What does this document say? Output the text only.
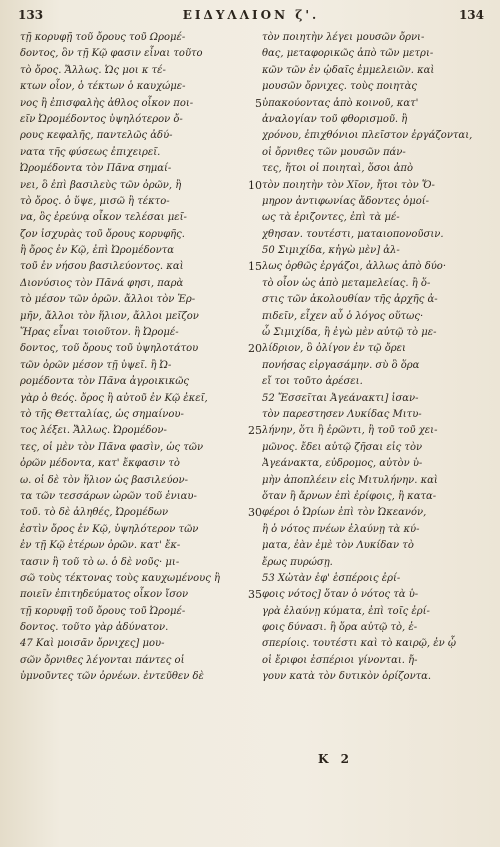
133	ΕΙΔΥΛΛΙΟΝ ζ'.	134
τῇ κορυφῇ τοῦ ὄρους τοῦ Ωρομέ-
δοντος, ὃν τῇ Κῷ φασιν εἶναι τοῦτο
τὸ ὄρος. Ἄλλως. Ὡς μοι κ τέ-
κτων οἷον, ὁ τέκτων ὁ καυχώμε-
νος ἢ ἐπισφαλὴς ἀθλος οἶκον ποι-
εῖν Ὠρομέδοντος ὑψηλότερον ὄ-
ρους κεφαλῆς, παντελῶς ἀδύ-
νατα τῆς φύσεως ἐπιχειρεῖ.
Ὠρομέδοντα τὸν Πᾶνα σημαί-
νει, ὃ ἐπὶ βασιλεὺς τῶν ὀρῶν, ἢ
τὸ ὄρος. ὁ ὕψε, μισῶ ἢ τέκτο-
να, ὃς ἐρεύνᾳ οἶκον τελέσαι μεῖ-
ζον ἰσχυρὰς τοῦ ὄρους κορυφῆς.
ἢ ὄρος ἐν Κῷ, ἐπὶ Ὠρομέδοντα
τοῦ ἐν νήσου βασιλεύοντος. καὶ
Διονύσιος τὸν Πᾶνά φησι, παρὰ
τὸ μέσον τῶν ὀρῶν. ἄλλοι τὸν Ἑρ-
μῆν, ἄλλοι τὸν ἥλιον, ἄλλοι μεῖζον
Ἥρας εἶναι τοιοῦτον. ἢ Ὠρομέ-
δοντος, τοῦ ὄρους τοῦ ὑψηλοτάτου
τῶν ὀρῶν μέσον τῇ ὑψεῖ. ἢ Ὠ-
ρομέδοντα τὸν Πᾶνα ἀγροικικῶς
γὰρ ὁ θεός. ὄρος ἢ αὐτοῦ ἐν Κῷ ἐκεῖ,
τὸ τῆς Θετταλίας, ὡς σημαίνου-
τος λέξει. Ἄλλως. Ὠρομέδον-
τες, οἱ μὲν τὸν Πᾶνα φασὶν, ὡς τῶν
ὀρῶν μέδοντα, κατ' ἔκφασιν τὸ
ω. οἱ δὲ τὸν ἥλιον ὡς βασιλεύον-
τα τῶν τεσσάρων ὡρῶν τοῦ ἐνιαυ-
τοῦ. τὸ δὲ ἀληθές, Ὠρομέδων
ἐστὶν ὄρος ἐν Κῷ, ὑψηλότερον τῶν
ἐν τῇ Κῷ ἑτέρων ὀρῶν. κατ' ἔκ-
τασιν ἢ τοῦ τὸ ω. ὁ δὲ νοῦς· μι-
σῶ τοὺς τέκτονας τοὺς καυχωμένους ἢ
ποιεῖν ἐπιτηδεύματος οἶκον ἴσον
τῇ κορυφῇ τοῦ ὄρους τοῦ Ὠρομέ-
δοντος. τοῦτο γὰρ ἀδύνατον.
47 Καὶ μοισᾶν ὄρνιχες] μου-
σῶν ὄρνιθες λέγονται πάντες οἱ
ὑμνοῦντες τῶν ὀρνέων. ἐντεῦθεν δὲ
5
10
15
20
25
30
35
τὸν ποιητὴν λέγει μουσῶν ὄρνι-
θας, μεταφορικῶς ἀπὸ τῶν μετρι-
κῶν τῶν ἐν ᾠδαῖς ἐμμελειῶν. καὶ
μουσῶν ὄρνιχες. τοὺς ποιητὰς
ὑπακούοντας ἀπὸ κοινοῦ, κατ'
ἀναλογίαν τοῦ φθορισμοῦ. ἢ
χρόνου, ἐπιχθόνιοι πλεῖστον ἐργάζονται,
οἱ ὄρνιθες τῶν μουσῶν πάν-
τες, ἤτοι οἱ ποιηταὶ, ὅσοι ἀπὸ
τὸν ποιητὴν τὸν Χῖον, ἤτοι τὸν Ὅ-
μηρον ἀντιφωνίας ἄδοντες ὁμοί-
ως τὰ ἐριζοντες, ἐπὶ τὰ μέ-
χθησαν. τουτέστι, ματαιοπονοῦσιν.
50 Σιμιχίδα, κἠγὼ μὲν] ἀλ-
λως ὀρθῶς ἐργάζοι, ἀλλως ἀπὸ δύο·
τὸ οἶον ὡς ἀπὸ μεταμελείας. ἢ ὅ-
στις τῶν ἀκολουθίαν τῆς ἀρχῆς ἀ-
πιδεῖν, εἶχεν αὖ ὁ λόγος οὕτως·
ὦ Σιμιχίδα, ἢ ἐγὼ μὲν αὐτῷ τὸ με-
λίδριον, ὃ ὀλίγον ἐν τῷ ὄρει
πονήσας εἰργασάμην. σὺ ὃ ὅρα
εἴ τοι τοῦτο ἀρέσει.
52 Ἔσσεῖται Ἀγεάνακτι] ἰσαν-
τὸν παρεστησεν Λυκίδας Μιτυ-
λήνην, ὅτι ἢ ἐρῶντι, ἢ τοῦ τοῦ χει-
μῶνος. ἔδει αὐτῷ ζῆσαι εἰς τὸν
Ἀγεάνακτα, εὐδρομος, αὐτὸν ὑ-
μὴν ἀποπλέειν εἰς Μιτυλήνην. καὶ
ὅταν ἢ ἄρνων ἐπὶ ἐρίφοις, ἢ κατα-
φέροι ὁ Ὠρίων ἐπὶ τὸν Ὠκεανόν,
ἢ ὁ νότος πνέων ἐλαύνῃ τὰ κύ-
ματα, ἐὰν ἐμὲ τὸν Λυκίδαν τὸ
ἔρως πυρώσῃ.
53 Χὠτὰν ἐφ' ἑσπέροις ἐρί-
φοις νότος] ὅταν ὁ νότος τὰ ὑ-
γρὰ ἐλαύνῃ κύματα, ἐπὶ τοῖς ἐρί-
φοις δύνασι. ἢ ὅρα αὐτῷ τὸ, ἑ-
σπερίοις. τουτέστι καὶ τὸ καιρῷ, ἐν ᾧ
οἱ ἔριφοι ἑσπέριοι γίνονται. ἤ-
γουν κατὰ τὸν δυτικὸν ὁρίζοντα.
K 2
